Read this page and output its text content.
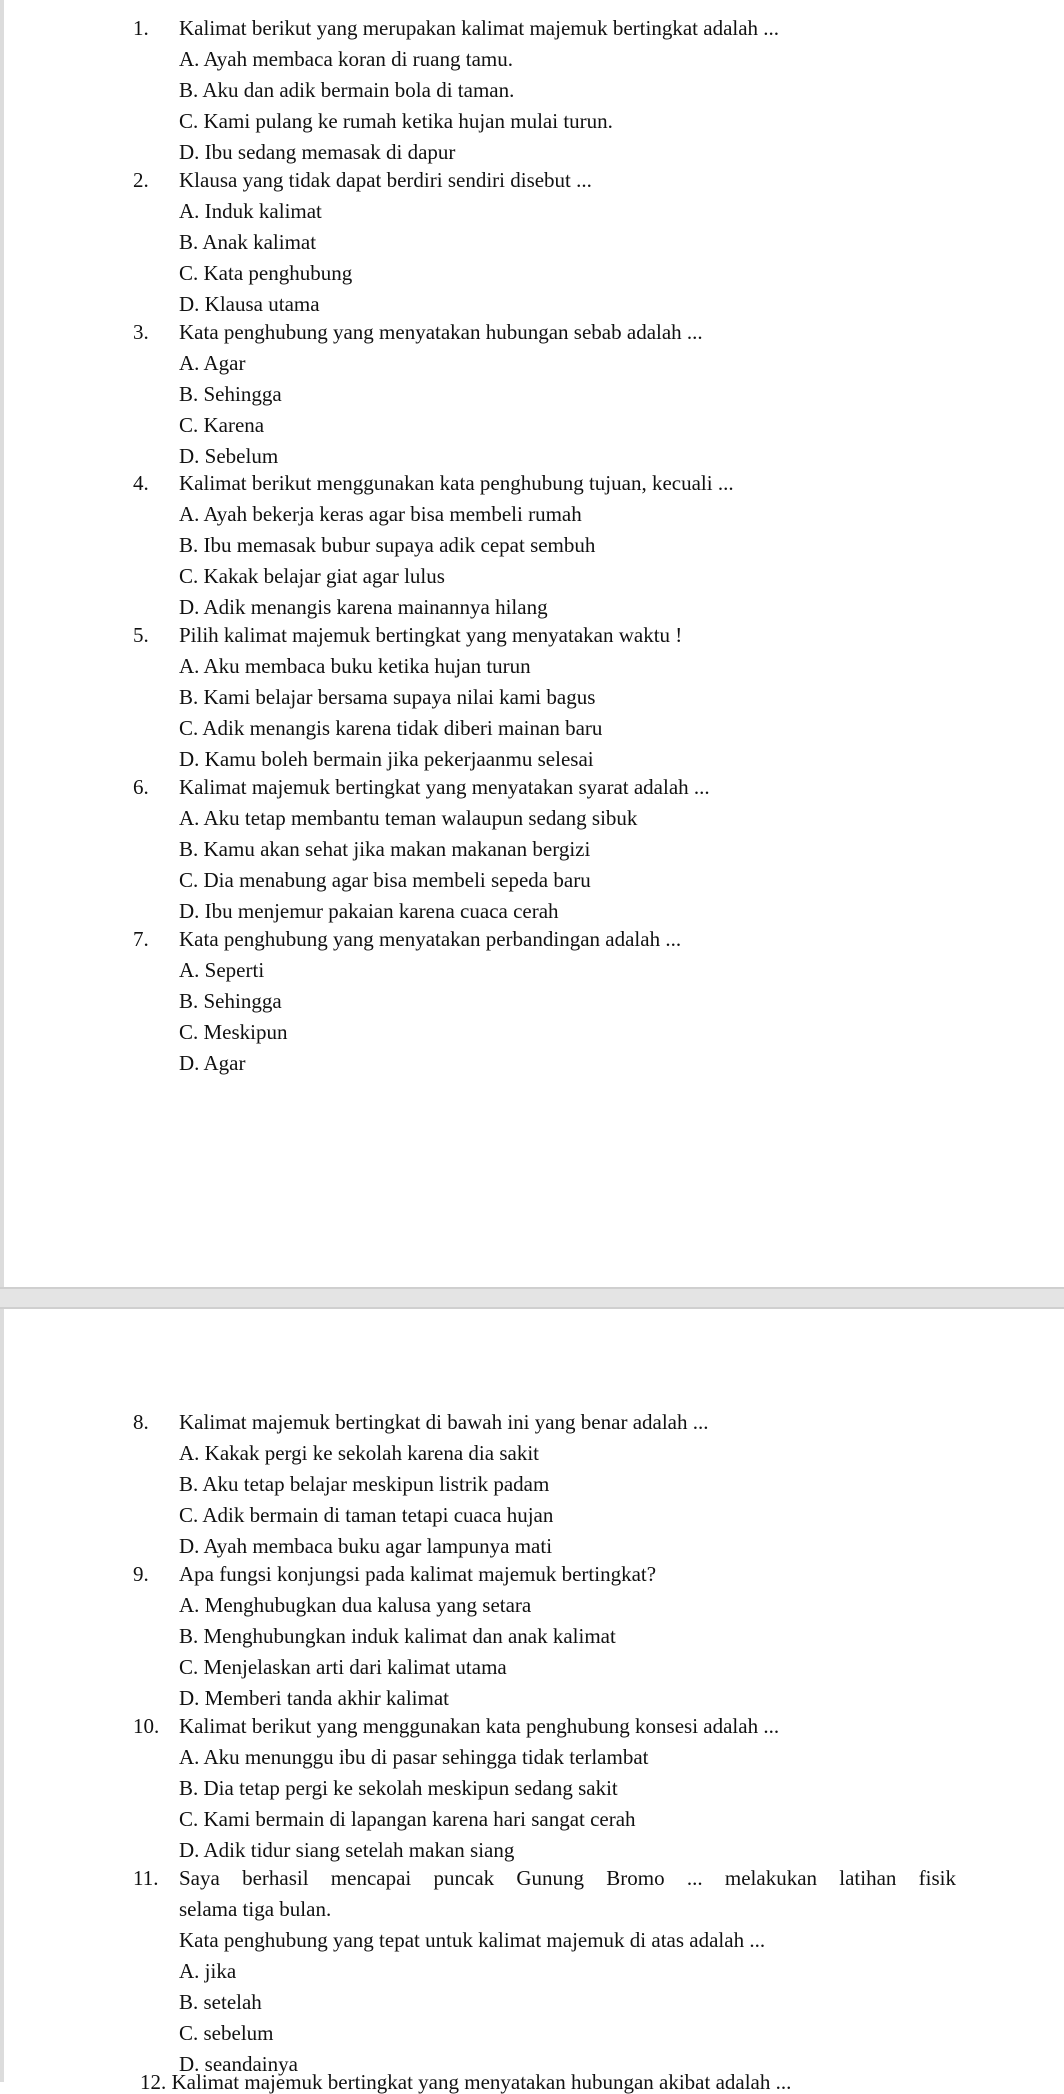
1. Kalimat berikut yang merupakan kalimat majemuk bertingkat adalah ...
A. Ayah membaca koran di ruang tamu.
B. Aku dan adik bermain bola di taman.
C. Kami pulang ke rumah ketika hujan mulai turun.
D. Ibu sedang memasak di dapur
2. Klausa yang tidak dapat berdiri sendiri disebut ...
A. Induk kalimat
B. Anak kalimat
C. Kata penghubung
D. Klausa utama
3. Kata penghubung yang menyatakan hubungan sebab adalah ...
A. Agar
B. Sehingga
C. Karena
D. Sebelum
4. Kalimat berikut menggunakan kata penghubung tujuan, kecuali ...
A. Ayah bekerja keras agar bisa membeli rumah
B. Ibu memasak bubur supaya adik cepat sembuh
C. Kakak belajar giat agar lulus
D. Adik menangis karena mainannya hilang
5. Pilih kalimat majemuk bertingkat yang menyatakan waktu !
A. Aku membaca buku ketika hujan turun
B. Kami belajar bersama supaya nilai kami bagus
C. Adik menangis karena tidak diberi mainan baru
D. Kamu boleh bermain jika pekerjaanmu selesai
6. Kalimat majemuk bertingkat yang menyatakan syarat adalah ...
A. Aku tetap membantu teman walaupun sedang sibuk
B. Kamu akan sehat jika makan makanan bergizi
C. Dia menabung agar bisa membeli sepeda baru
D. Ibu menjemur pakaian karena cuaca cerah
7. Kata penghubung yang menyatakan perbandingan adalah ...
A. Seperti
B. Sehingga
C. Meskipun
D. Agar
8. Kalimat majemuk bertingkat di bawah ini yang benar adalah ...
A. Kakak pergi ke sekolah karena dia sakit
B. Aku tetap belajar meskipun listrik padam
C. Adik bermain di taman tetapi cuaca hujan
D. Ayah membaca buku agar lampunya mati
9. Apa fungsi konjungsi pada kalimat majemuk bertingkat?
A. Menghubugkan dua kalusa yang setara
B. Menghubungkan induk kalimat dan anak kalimat
C. Menjelaskan arti dari kalimat utama
D. Memberi tanda akhir kalimat
10. Kalimat berikut yang menggunakan kata penghubung konsesi adalah ...
A. Aku menunggu ibu di pasar sehingga tidak terlambat
B. Dia tetap pergi ke sekolah meskipun sedang sakit
C. Kami bermain di lapangan karena hari sangat cerah
D. Adik tidur siang setelah makan siang
11. Saya berhasil mencapai puncak Gunung Bromo ... melakukan latihan fisik
selama tiga bulan.
Kata penghubung yang tepat untuk kalimat majemuk di atas adalah ...
A. jika
B. setelah
C. sebelum
D. seandainya
12. Kalimat majemuk bertingkat yang menyatakan hubungan akibat adalah ...
